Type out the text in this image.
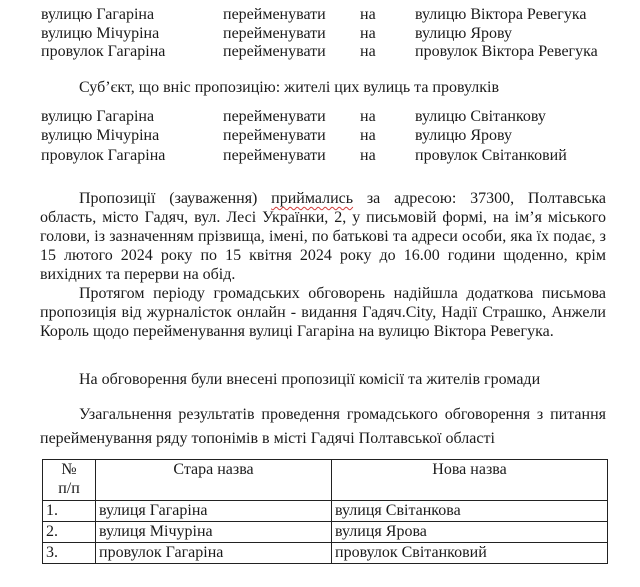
вулицю Гагаріна	перейменувати на вулицю Віктора Ревегука
вулицю Мічуріна	перейменувати на вулицю Ярову
провулок Гагаріна	перейменувати на провулок Віктора Ревегука
Суб’єкт, що вніс пропозицію: жителі цих вулиць та провулків
вулицю Гагаріна	перейменувати на вулицю Світанкову
вулицю Мічуріна	перейменувати на вулицю Ярову
провулок Гагаріна	перейменувати на провулок Світанковий

Пропозиції (зауваження) приймались за адресою: 37300, Полтавська область, місто Гадяч, вул. Лесі Українки, 2, у письмовій формі, на ім’я міського голови, із зазначенням прізвища, імені, по батькові та адреси особи, яка їх подає, з 15 лютого 2024 року по 15 квітня 2024 року до 16.00 години щоденно, крім вихідних та перерви на обід.

Протягом періоду громадських обговорень надійшла додаткова письмова пропозиція від журналісток онлайн - видання Гадяч.City, Надії Страшко, Анжели Король щодо перейменування вулиці Гагаріна на вулицю Віктора Ревегука.

На обговорення були внесені пропозиції комісії та жителів громади

Узагальнення результатів проведення громадського обговорення з питання перейменування ряду топонімів в місті Гадячі Полтавської області

№
п/п	Стара назва	Нова назва
1.	вулиця Гагаріна	вулиця Світанкова
2.	вулиця Мічуріна	вулиця Ярова
3.	провулок Гагаріна	провулок Світанковий
